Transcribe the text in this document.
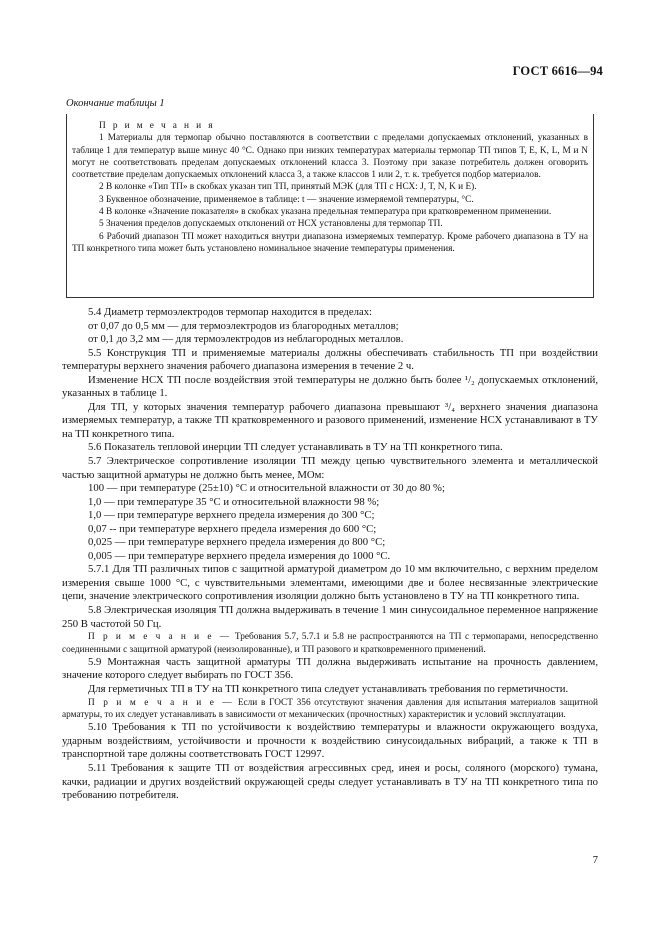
ГОСТ 6616—94
Окончание таблицы 1

П р и м е ч а н и я

1 Материалы для термопар обычно поставляются в соответствии с пределами допускаемых отклонений, указанных в таблице 1 для температур выше минус 40 °С. Однако при низких температурах материалы термопар ТП типов Т, Е, K, L, М и N могут не соответствовать пределам допускаемых отклонений класса 3. Поэтому при заказе потребитель должен оговорить соответствие пределам допускаемых отклонений класса 3, а также классов 1 или 2, т. к. требуется подбор материалов.

2 В колонке «Тип ТП» в скобках указан тип ТП, принятый МЭК (для ТП с НСХ: J, Т, N, K и Е).

3 Буквенное обозначение, применяемое в таблице: t — значение измеряемой температуры, °С.

4 В колонке «Значение показателя» в скобках указана предельная температура при кратковременном применении.

5 Значения пределов допускаемых отклонений от НСХ установлены для термопар ТП.

6 Рабочий диапазон ТП может находиться внутри диапазона измеряемых температур. Кроме рабочего диапазона в ТУ на ТП конкретного типа может быть установлено номинальное значение температуры применения.

5.4 Диаметр термоэлектродов термопар находится в пределах:

от 0,07 до 0,5 мм — для термоэлектродов из благородных металлов;

от 0,1 до 3,2 мм — для термоэлектродов из неблагородных металлов.

5.5 Конструкция ТП и применяемые материалы должны обеспечивать стабильность ТП при воздействии температуры верхнего значения рабочего диапазона измерения в течение 2 ч.

Изменение НСХ ТП после воздействия этой температуры не должно быть более ¹/₂ допускаемых отклонений, указанных в таблице 1.

Для ТП, у которых значения температур рабочего диапазона превышают ³/₄ верхнего значения диапазона измеряемых температур, а также ТП кратковременного и разового применений, изменение НСХ устанавливают в ТУ на ТП конкретного типа.

5.6 Показатель тепловой инерции ТП следует устанавливать в ТУ на ТП конкретного типа.

5.7 Электрическое сопротивление изоляции ТП между цепью чувствительного элемента и металлической частью защитной арматуры не должно быть менее, МОм:

100 — при температуре (25±10) °С и относительной влажности от 30 до 80 %;

1,0 — при температуре 35 °С и относительной влажности 98 %;

1,0 — при температуре верхнего предела измерения до 300 °С;

0,07 -- при температуре верхнего предела измерения до 600 °С;

0,025 — при температуре верхнего предела измерения до 800 °С;

0,005 — при температуре верхнего предела измерения до 1000 °С.

5.7.1 Для ТП различных типов с защитной арматурой диаметром до 10 мм включительно, с верхним пределом измерения свыше 1000 °С, с чувствительными элементами, имеющими две и более несвязанные электрические цепи, значение электрического сопротивления изоляции должно быть установлено в ТУ на ТП конкретного типа.

5.8 Электрическая изоляция ТП должна выдерживать в течение 1 мин синусоидальное переменное напряжение 250 В частотой 50 Гц.

П р и м е ч а н и е — Требования 5.7, 5.7.1 и 5.8 не распространяются на ТП с термопарами, непосредственно соединенными с защитной арматурой (неизолированные), и ТП разового и кратковременного применений.

5.9 Монтажная часть защитной арматуры ТП должна выдерживать испытание на прочность давлением, значение которого следует выбирать по ГОСТ 356.

Для герметичных ТП в ТУ на ТП конкретного типа следует устанавливать требования по герметичности.

П р и м е ч а н и е — Если в ГОСТ 356 отсутствуют значения давления для испытания материалов защитной арматуры, то их следует устанавливать в зависимости от механических (прочностных) характеристик и условий эксплуатации.

5.10 Требования к ТП по устойчивости к воздействию температуры и влажности окружающего воздуха, ударным воздействиям, устойчивости и прочности к воздействию синусоидальных вибраций, а также к ТП в транспортной таре должны соответствовать ГОСТ 12997.

5.11 Требования к защите ТП от воздействия агрессивных сред, инея и росы, соляного (морского) тумана, качки, радиации и других воздействий окружающей среды следует устанавливать в ТУ на ТП конкретного типа по требованию потребителя.

7
